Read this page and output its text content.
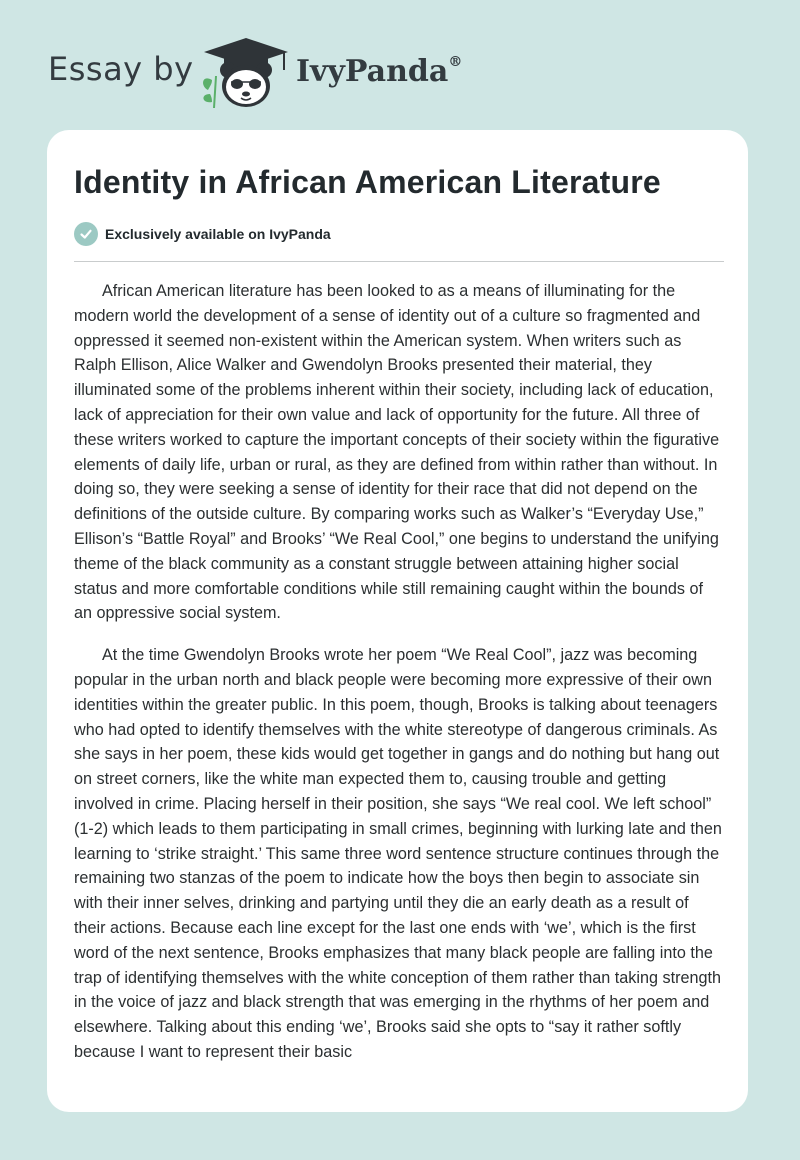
Essay by	IvyPanda®
Identity in African American Literature
Exclusively available on IvyPanda

African American literature has been looked to as a means of illuminating for the modern world the development of a sense of identity out of a culture so fragmented and oppressed it seemed non-existent within the American system. When writers such as Ralph Ellison, Alice Walker and Gwendolyn Brooks presented their material, they illuminated some of the problems inherent within their society, including lack of education, lack of appreciation for their own value and lack of opportunity for the future. All three of these writers worked to capture the important concepts of their society within the figurative elements of daily life, urban or rural, as they are defined from within rather than without. In doing so, they were seeking a sense of identity for their race that did not depend on the definitions of the outside culture. By comparing works such as Walker’s “Everyday Use,” Ellison’s “Battle Royal” and Brooks’ “We Real Cool,” one begins to understand the unifying theme of the black community as a constant struggle between attaining higher social status and more comfortable conditions while still remaining caught within the bounds of an oppressive social system.

At the time Gwendolyn Brooks wrote her poem “We Real Cool”, jazz was becoming popular in the urban north and black people were becoming more expressive of their own identities within the greater public. In this poem, though, Brooks is talking about teenagers who had opted to identify themselves with the white stereotype of dangerous criminals. As she says in her poem, these kids would get together in gangs and do nothing but hang out on street corners, like the white man expected them to, causing trouble and getting involved in crime. Placing herself in their position, she says “We real cool. We left school” (1-2) which leads to them participating in small crimes, beginning with lurking late and then learning to ‘strike straight.’ This same three word sentence structure continues through the remaining two stanzas of the poem to indicate how the boys then begin to associate sin with their inner selves, drinking and partying until they die an early death as a result of their actions. Because each line except for the last one ends with ‘we’, which is the first word of the next sentence, Brooks emphasizes that many black people are falling into the trap of identifying themselves with the white conception of them rather than taking strength in the voice of jazz and black strength that was emerging in the rhythms of her poem and elsewhere. Talking about this ending ‘we’, Brooks said she opts to “say it rather softly because I want to represent their basic
